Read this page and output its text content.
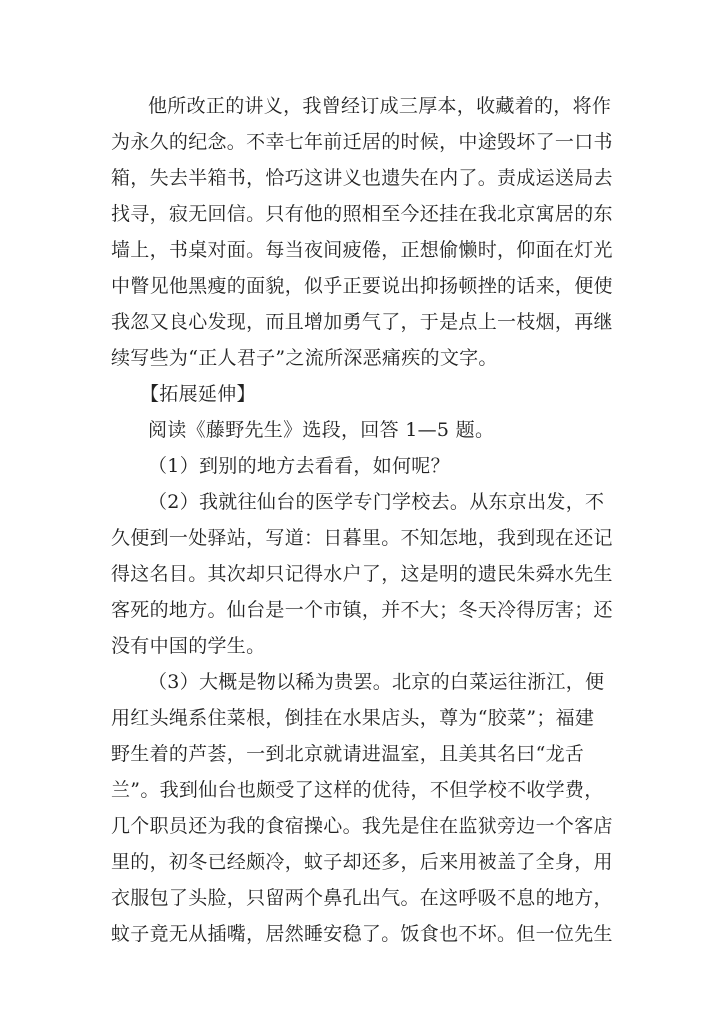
他所改正的讲义，我曾经订成三厚本，收藏着的，将作
为永久的纪念。不幸七年前迁居的时候，中途毁坏了一口书
箱，失去半箱书，恰巧这讲义也遗失在内了。责成运送局去
找寻，寂无回信。只有他的照相至今还挂在我北京寓居的东
墙上，书桌对面。每当夜间疲倦，正想偷懒时，仰面在灯光
中瞥见他黑瘦的面貌，似乎正要说出抑扬顿挫的话来，便使
我忽又良心发现，而且增加勇气了，于是点上一枝烟，再继
续写些为“正人君子”之流所深恶痛疾的文字。
【拓展延伸】
阅读《藤野先生》选段，回答 1—5 题。
（1）到别的地方去看看，如何呢？
（2）我就往仙台的医学专门学校去。从东京出发，不
久便到一处驿站，写道：日暮里。不知怎地，我到现在还记
得这名目。其次却只记得水户了，这是明的遗民朱舜水先生
客死的地方。仙台是一个市镇，并不大；冬天冷得厉害；还
没有中国的学生。
（3）大概是物以稀为贵罢。北京的白菜运往浙江，便
用红头绳系住菜根，倒挂在水果店头，尊为“胶菜”；福建
野生着的芦荟，一到北京就请进温室，且美其名曰“龙舌
兰”。我到仙台也颇受了这样的优待，不但学校不收学费，
几个职员还为我的食宿操心。我先是住在监狱旁边一个客店
里的，初冬已经颇冷，蚊子却还多，后来用被盖了全身，用
衣服包了头脸，只留两个鼻孔出气。在这呼吸不息的地方，
蚊子竟无从插嘴，居然睡安稳了。饭食也不坏。但一位先生
